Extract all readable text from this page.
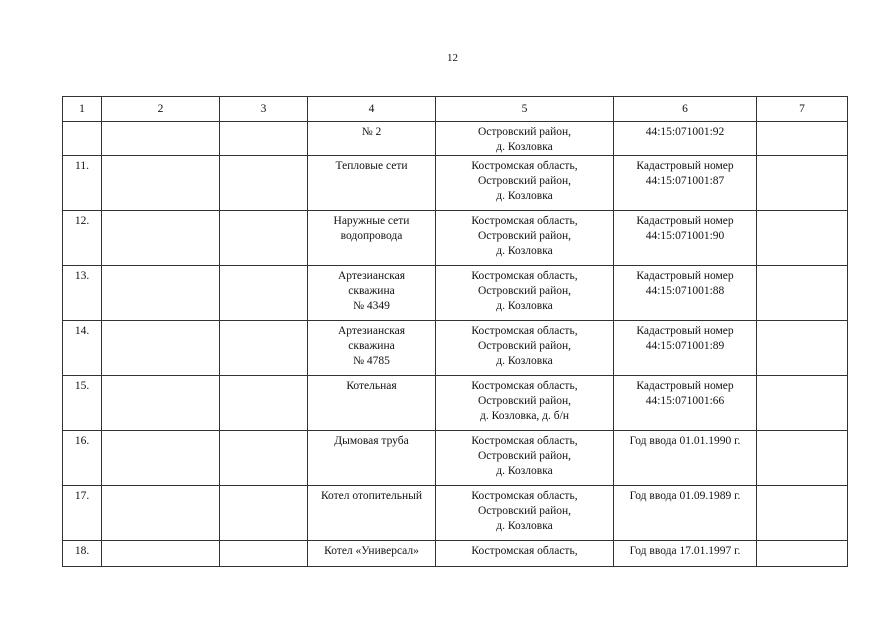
12
1	2	3	4	5	6	7

			№ 2	Островский район,
д. Козловка	44:15:071001:92	

11.			Тепловые сети	Костромская область,
Островский район,
д. Козловка	Кадастровый номер
44:15:071001:87	

12.			Наружные сети
водопровода	Костромская область,
Островский район,
д. Козловка	Кадастровый номер
44:15:071001:90	

13.			Артезианская
скважина
№ 4349	Костромская область,
Островский район,
д. Козловка	Кадастровый номер
44:15:071001:88	

14.			Артезианская
скважина
№ 4785	Костромская область,
Островский район,
д. Козловка	Кадастровый номер
44:15:071001:89	

15.			Котельная	Костромская область,
Островский район,
д. Козловка, д. б/н	Кадастровый номер
44:15:071001:66	

16.			Дымовая труба	Костромская область,
Островский район,
д. Козловка	Год ввода 01.01.1990 г.	

17.			Котел отопительный	Костромская область,
Островский район,
д. Козловка	Год ввода 01.09.1989 г.	

18.			Котел «Универсал»	Костромская область,	Год ввода 17.01.1997 г.	
